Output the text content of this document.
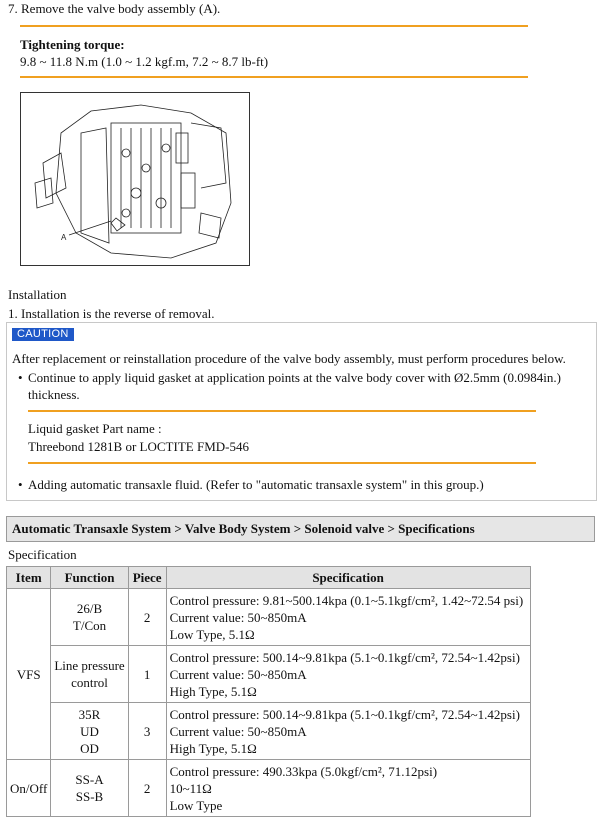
7. Remove the valve body assembly (A).
Tightening torque:
9.8 ~ 11.8 N.m (1.0 ~ 1.2 kgf.m, 7.2 ~ 8.7 lb-ft)
A
Installation
1. Installation is the reverse of removal.
CAUTION
After replacement or reinstallation procedure of the valve body assembly, must perform procedures below.
• Continue to apply liquid gasket at application points at the valve body cover with Ø2.5mm (0.0984in.)
thickness.
Liquid gasket Part name :
Threebond 1281B or LOCTITE FMD-546
• Adding automatic transaxle fluid. (Refer to "automatic transaxle system" in this group.)
Automatic Transaxle System > Valve Body System > Solenoid valve > Specifications
Specification
Item	Function	Piece	Specification
VFS	26/B
T/Con	2	Control pressure: 9.81~500.14kpa (0.1~5.1kgf/cm², 1.42~72.54 psi)
Current value: 50~850mA
Low Type, 5.1Ω

	Line pressure
control	1	Control pressure: 500.14~9.81kpa (5.1~0.1kgf/cm², 72.54~1.42psi)
Current value: 50~850mA
High Type, 5.1Ω

	35R
UD
OD	3	Control pressure: 500.14~9.81kpa (5.1~0.1kgf/cm², 72.54~1.42psi)
Current value: 50~850mA
High Type, 5.1Ω

On/Off	SS-A
SS-B	2	Control pressure: 490.33kpa (5.0kgf/cm², 71.12psi)
10~11Ω
Low Type
